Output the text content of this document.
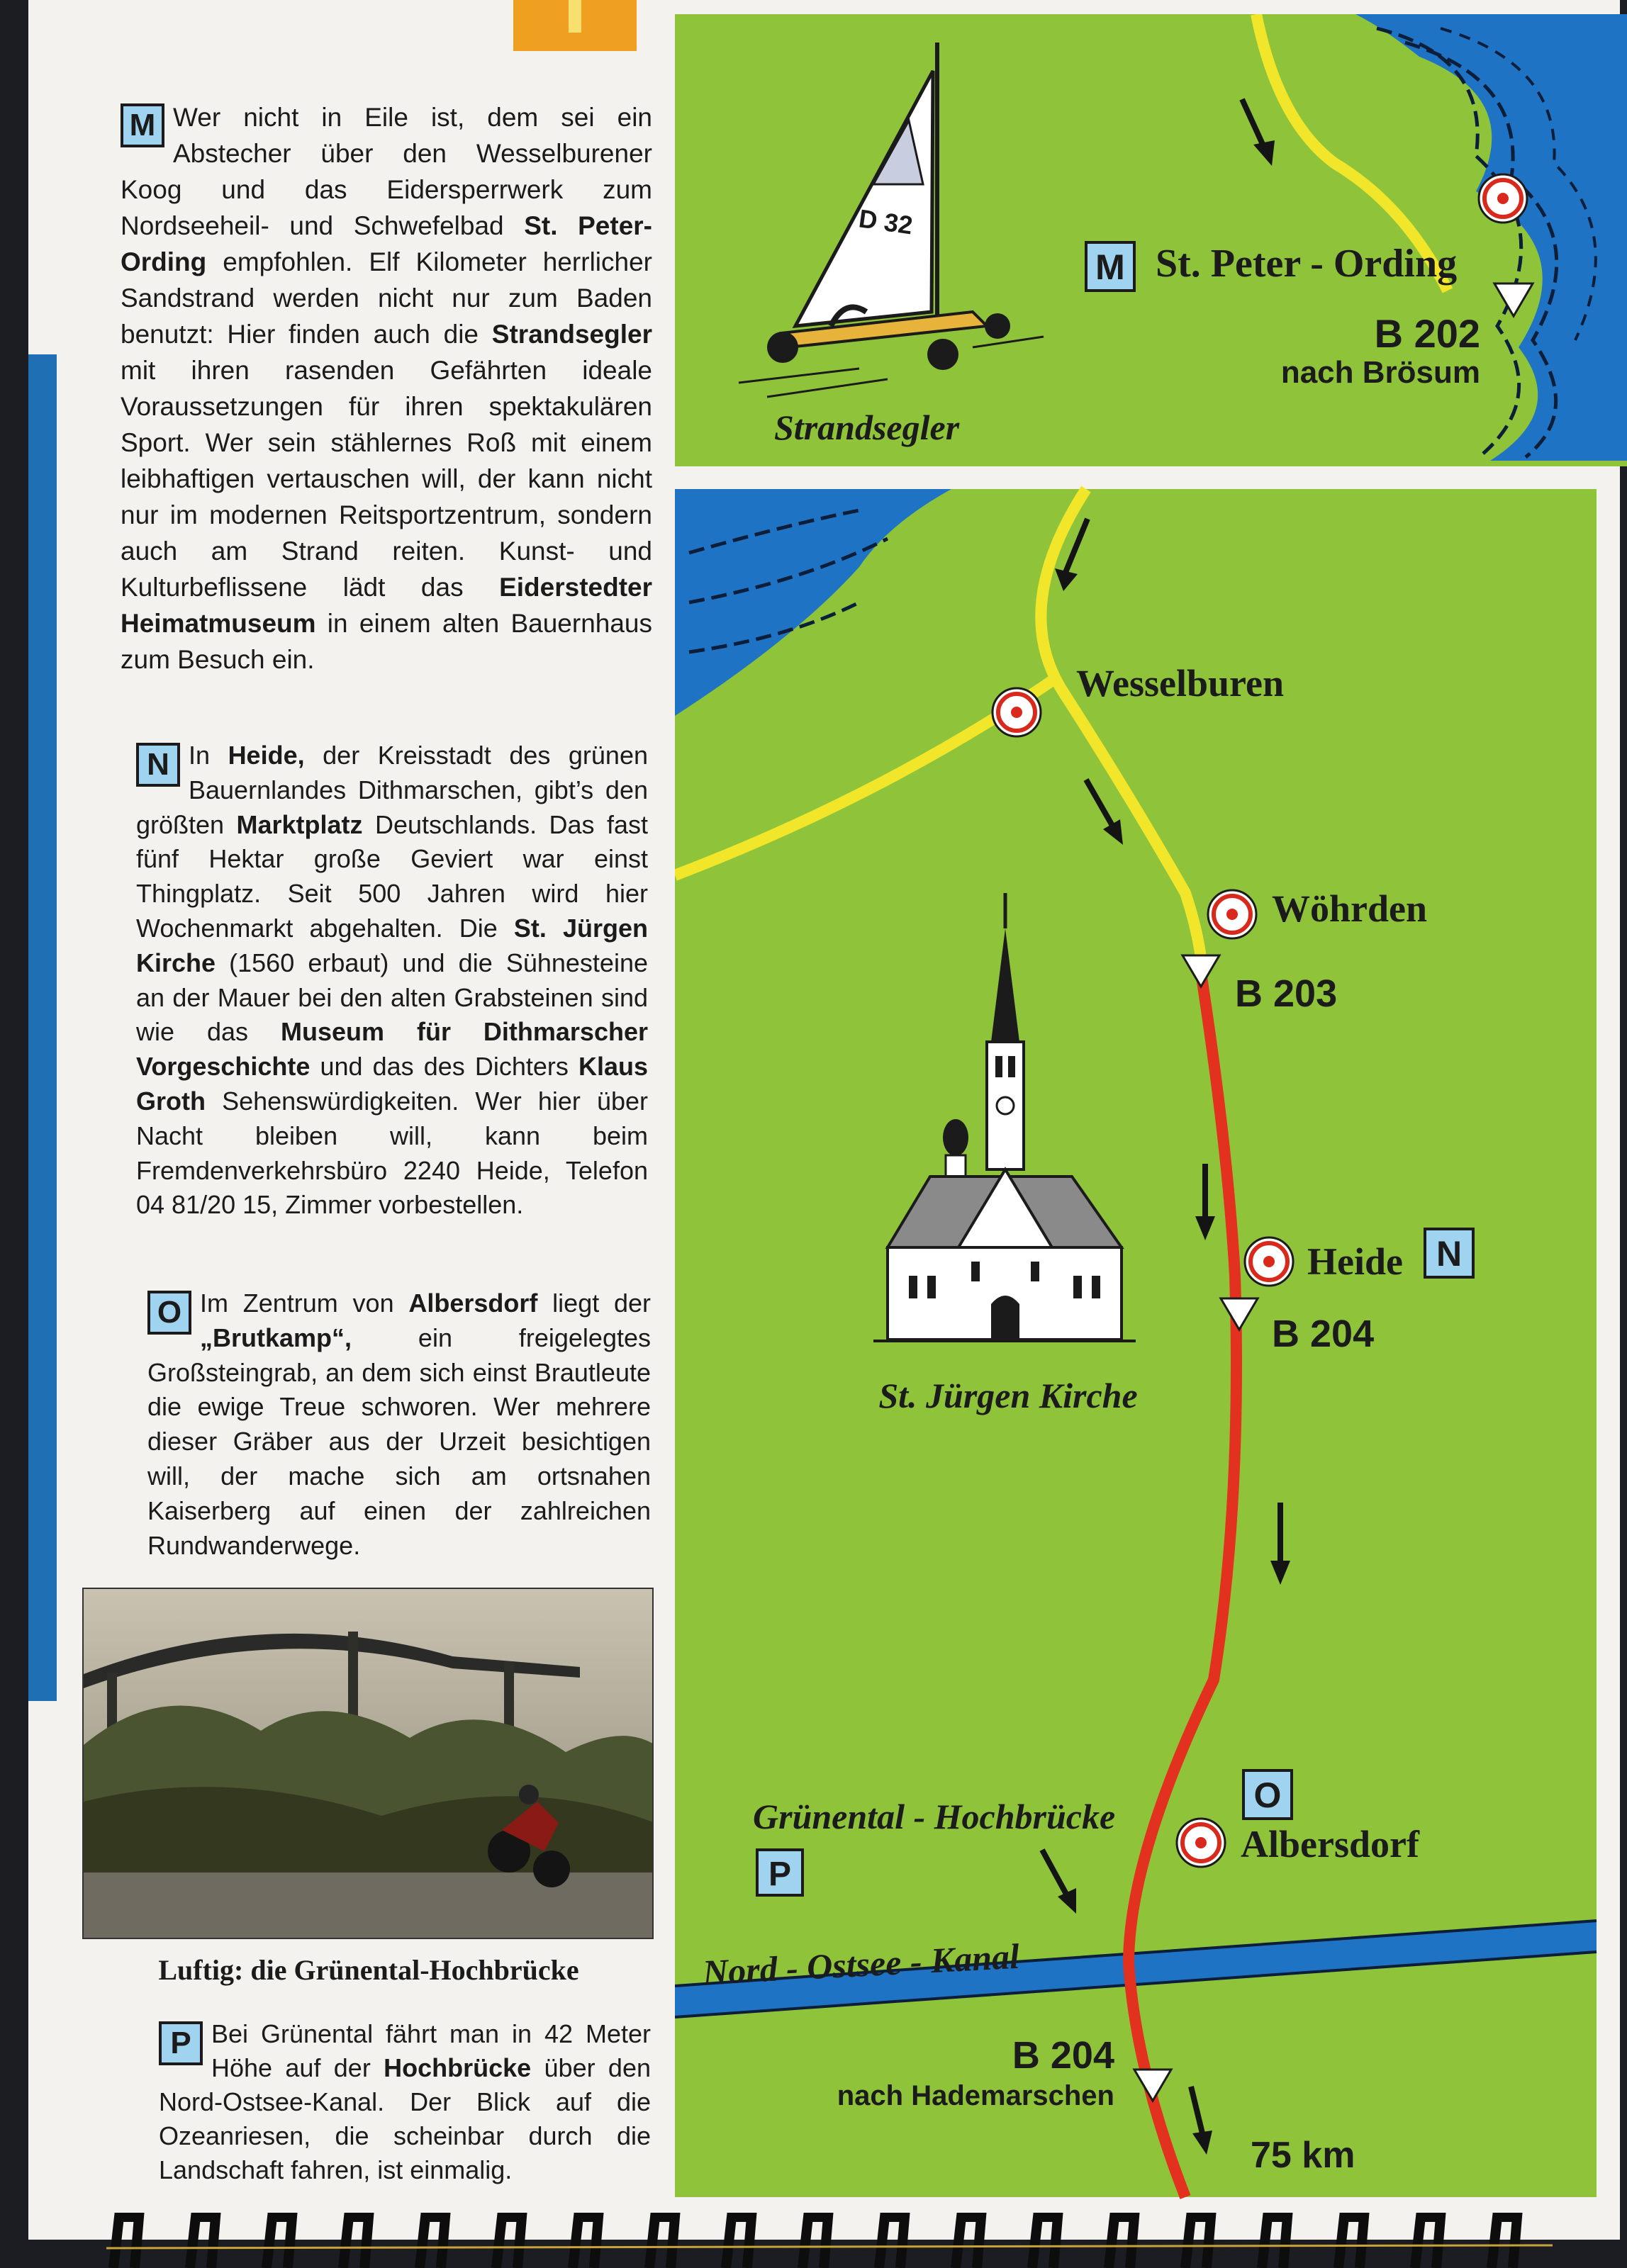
M Wer nicht in Eile ist, dem sei ein Abstecher über den Wesselburener Koog und das Eidersperrwerk zum Nordseeheil- und Schwefelbad St. Peter-Ording empfohlen. Elf Kilometer herrlicher Sandstrand werden nicht nur zum Baden benutzt: Hier finden auch die Strandsegler mit ihren rasenden Gefährten ideale Voraussetzungen für ihren spektakulären Sport. Wer sein stählernes Roß mit einem leibhaftigen vertauschen will, der kann nicht nur im modernen Reitsportzentrum, sondern auch am Strand reiten. Kunst- und Kulturbeflissene lädt das Eiderstedter Heimatmuseum in einem alten Bauernhaus zum Besuch ein.

N In Heide, der Kreisstadt des grünen Bauernlandes Dithmarschen, gibt’s den größten Marktplatz Deutschlands. Das fast fünf Hektar große Geviert war einst Thingplatz. Seit 500 Jahren wird hier Wochenmarkt abgehalten. Die St. Jürgen Kirche (1560 erbaut) und die Sühnesteine an der Mauer bei den alten Grabsteinen sind wie das Museum für Dithmarscher Vorgeschichte und das des Dichters Klaus Groth Sehenswürdigkeiten. Wer hier über Nacht bleiben will, kann beim Fremdenverkehrsbüro 2240 Heide, Telefon 04 81/20 15, Zimmer vorbestellen.

O Im Zentrum von Albersdorf liegt der „Brutkamp“, ein freigelegtes Großsteingrab, an dem sich einst Brautleute die ewige Treue schworen. Wer mehrere dieser Gräber aus der Urzeit besichtigen will, der mache sich am ortsnahen Kaiserberg auf einen der zahlreichen Rundwanderwege.

Luftig: die Grünental-Hochbrücke

P Bei Grünental fährt man in 42 Meter Höhe auf der Hochbrücke über den Nord-Ostsee-Kanal. Der Blick auf die Ozeanriesen, die scheinbar durch die Landschaft fahren, ist einmalig.

M St. Peter - Ording
B 202
nach Brösum
D 32
Strandsegler
Wesselburen
Wöhrden
B 203
Heide N
B 204
St. Jürgen Kirche
Grünental - Hochbrücke
P
O
Albersdorf
Nord - Ostsee - Kanal
B 204
nach Hademarschen
75 km
